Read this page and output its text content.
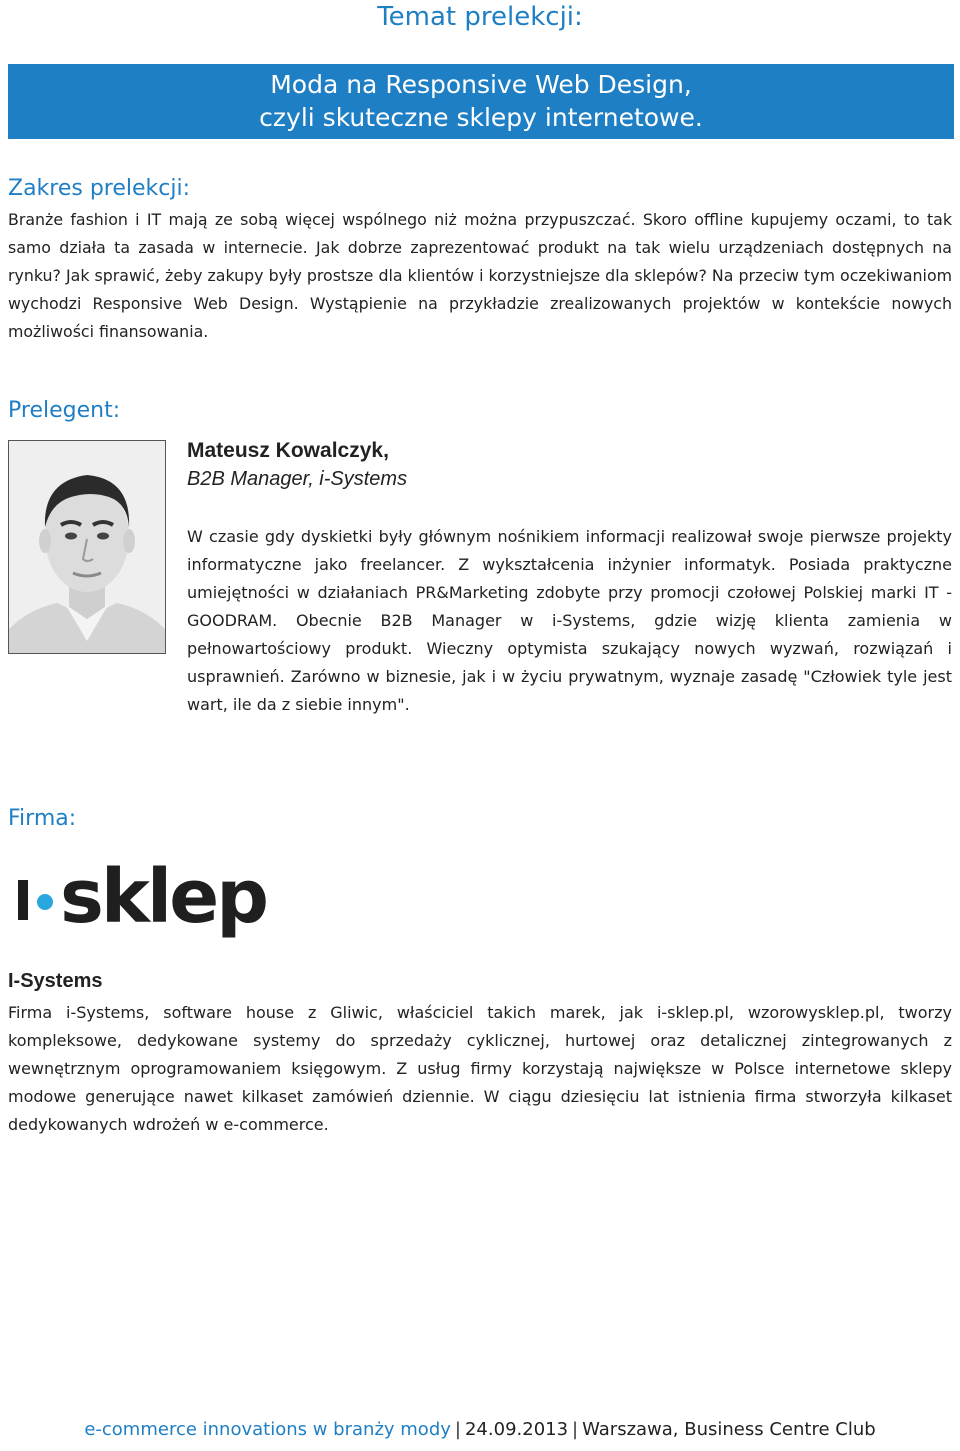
Temat prelekcji:
Moda na Responsive Web Design,
czyli skuteczne sklepy internetowe.
Zakres prelekcji:

Branże fashion i IT mają ze sobą więcej wspólnego niż można przypuszczać. Skoro offline kupujemy oczami, to tak samo działa ta zasada w internecie. Jak dobrze zaprezentować produkt na tak wielu urządzeniach dostępnych na rynku? Jak sprawić, żeby zakupy były prostsze dla klientów i korzystniejsze dla sklepów? Na przeciw tym oczekiwaniom wychodzi Responsive Web Design. Wystąpienie na przykładzie zrealizowanych projektów w kontekście nowych możliwości finansowania.

Prelegent:

Mateusz Kowalczyk,

B2B Manager, i-Systems

W czasie gdy dyskietki były głównym nośnikiem informacji realizował swoje pierwsze projekty informatyczne jako freelancer. Z wykształcenia inżynier informatyk. Posiada praktyczne umiejętności w działaniach PR&Marketing zdobyte przy promocji czołowej Polskiej marki IT - GOODRAM. Obecnie B2B Manager w i-Systems, gdzie wizję klienta zamienia w pełnowartościowy produkt. Wieczny optymista szukający nowych wyzwań, rozwiązań i usprawnień. Zarówno w biznesie, jak i w życiu prywatnym, wyznaje zasadę "Człowiek tyle jest wart, ile da z siebie innym".

Firma:
sklep

I-Systems

Firma i-Systems, software house z Gliwic, właściciel takich marek, jak i-sklep.pl, wzorowysklep.pl, tworzy kompleksowe, dedykowane systemy do sprzedaży cyklicznej, hurtowej oraz detalicznej zintegrowanych z wewnętrznym oprogramowaniem księgowym. Z usług firmy korzystają największe w Polsce internetowe sklepy modowe generujące nawet kilkaset zamówień dziennie. W ciągu dziesięciu lat istnienia firma stworzyła kilkaset dedykowanych wdrożeń w e-commerce.

e-commerce innovations w branży mody | 24.09.2013 | Warszawa, Business Centre Club
